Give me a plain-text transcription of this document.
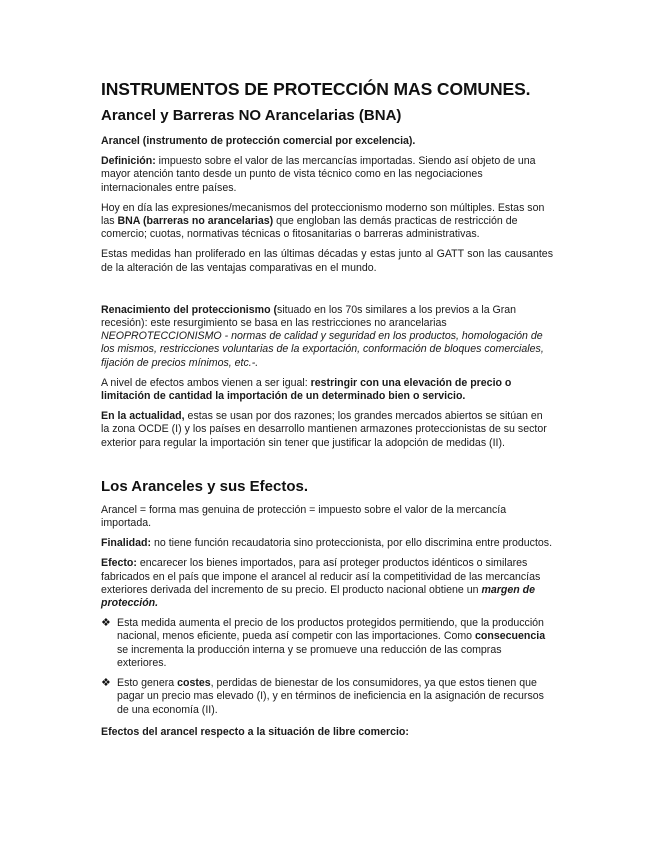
INSTRUMENTOS DE PROTECCIÓN MAS COMUNES.
Arancel y Barreras NO Arancelarias (BNA)

Arancel (instrumento de protección comercial por excelencia).

Definición: impuesto sobre el valor de las mercancías importadas. Siendo así objeto de una mayor atención tanto desde un punto de vista técnico como en las negociaciones internacionales entre países.

Hoy en día las expresiones/mecanismos del proteccionismo moderno son múltiples. Estas son las BNA (barreras no arancelarias) que engloban las demás practicas de restricción de comercio; cuotas, normativas técnicas o fitosanitarias o barreras administrativas.

Estas medidas han proliferado en las últimas décadas y estas junto al GATT son las causantes de la alteración de las ventajas comparativas en el mundo.

Renacimiento del proteccionismo (situado en los 70s similares a los previos a la Gran recesión): este resurgimiento se basa en las restricciones no arancelarias NEOPROTECCIONISMO - normas de calidad y seguridad en los productos, homologación de los mismos, restricciones voluntarias de la exportación, conformación de bloques comerciales, fijación de precios mínimos, etc.-.

A nivel de efectos ambos vienen a ser igual: restringir con una elevación de precio o limitación de cantidad la importación de un determinado bien o servicio.

En la actualidad, estas se usan por dos razones; los grandes mercados abiertos se sitúan en la zona OCDE (I) y los países en desarrollo mantienen armazones proteccionistas de su sector exterior para regular la importación sin tener que justificar la adopción de medidas (II).

Los Aranceles y sus Efectos.

Arancel = forma mas genuina de protección = impuesto sobre el valor de la mercancía importada.

Finalidad: no tiene función recaudatoria sino proteccionista, por ello discrimina entre productos.

Efecto: encarecer los bienes importados, para así proteger productos idénticos o similares fabricados en el país que impone el arancel al reducir así la competitividad de las mercancías exteriores derivada del incremento de su precio. El producto nacional obtiene un margen de protección.

❖ Esta medida aumenta el precio de los productos protegidos permitiendo, que la producción nacional, menos eficiente, pueda así competir con las importaciones. Como consecuencia se incrementa la producción interna y se promueve una reducción de las compras exteriores.
❖ Esto genera costes, perdidas de bienestar de los consumidores, ya que estos tienen que pagar un precio mas elevado (I), y en términos de ineficiencia en la asignación de recursos de una economía (II).

Efectos del arancel respecto a la situación de libre comercio:
